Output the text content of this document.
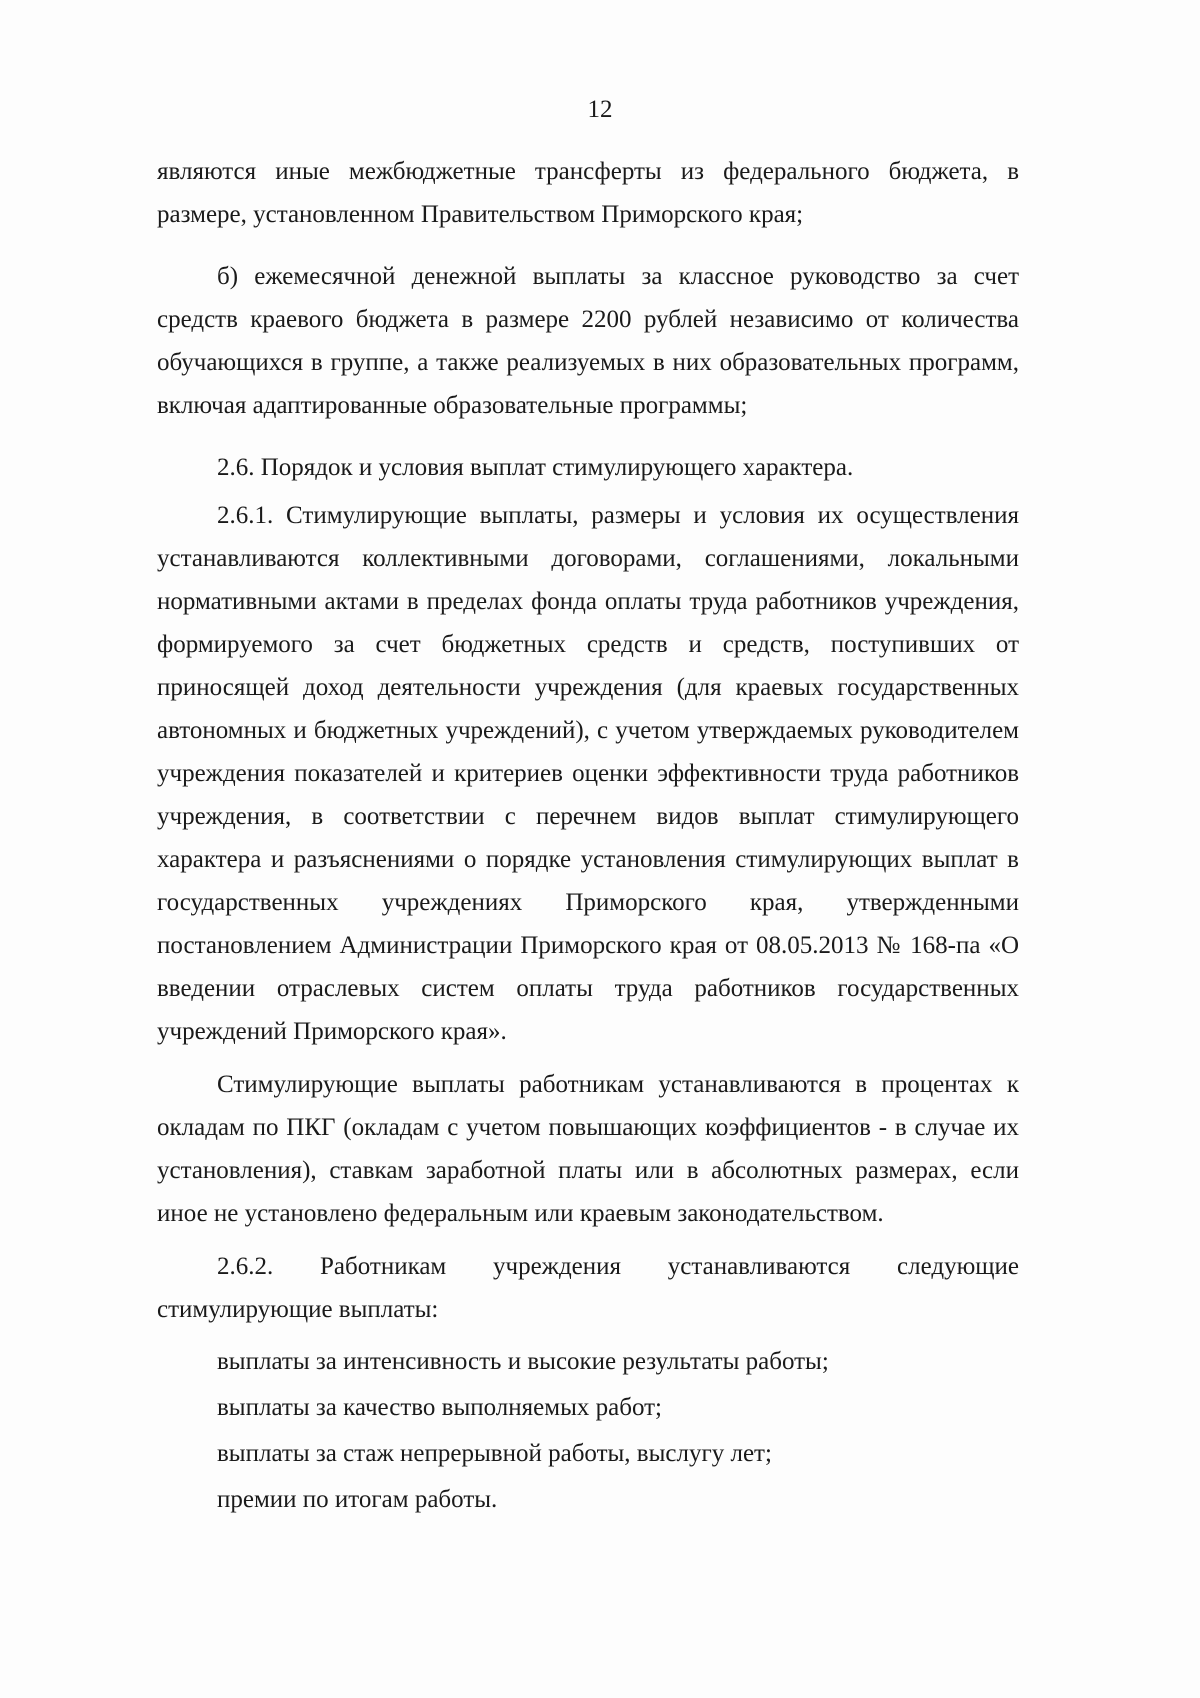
12

являются иные межбюджетные трансферты из федерального бюджета, в размере, установленном Правительством Приморского края;

б) ежемесячной денежной выплаты за классное руководство за счет средств краевого бюджета в размере 2200 рублей независимо от количества обучающихся в группе, а также реализуемых в них образовательных программ, включая адаптированные образовательные программы;

2.6. Порядок и условия выплат стимулирующего характера.

2.6.1. Стимулирующие выплаты, размеры и условия их осуществления устанавливаются коллективными договорами, соглашениями, локальными нормативными актами в пределах фонда оплаты труда работников учреждения, формируемого за счет бюджетных средств и средств, поступивших от приносящей доход деятельности учреждения (для краевых государственных автономных и бюджетных учреждений), с учетом утверждаемых руководителем учреждения показателей и критериев оценки эффективности труда работников учреждения, в соответствии с перечнем видов выплат стимулирующего характера и разъяснениями о порядке установления стимулирующих выплат в государственных учреждениях Приморского края, утвержденными постановлением Администрации Приморского края от 08.05.2013 № 168-па «О введении отраслевых систем оплаты труда работников государственных учреждений Приморского края».

Стимулирующие выплаты работникам устанавливаются в процентах к окладам по ПКГ (окладам с учетом повышающих коэффициентов - в случае их установления), ставкам заработной платы или в абсолютных размерах, если иное не установлено федеральным или краевым законодательством.

2.6.2. Работникам учреждения устанавливаются следующие

стимулирующие выплаты:

выплаты за интенсивность и высокие результаты работы;

выплаты за качество выполняемых работ;

выплаты за стаж непрерывной работы, выслугу лет;

премии по итогам работы.
